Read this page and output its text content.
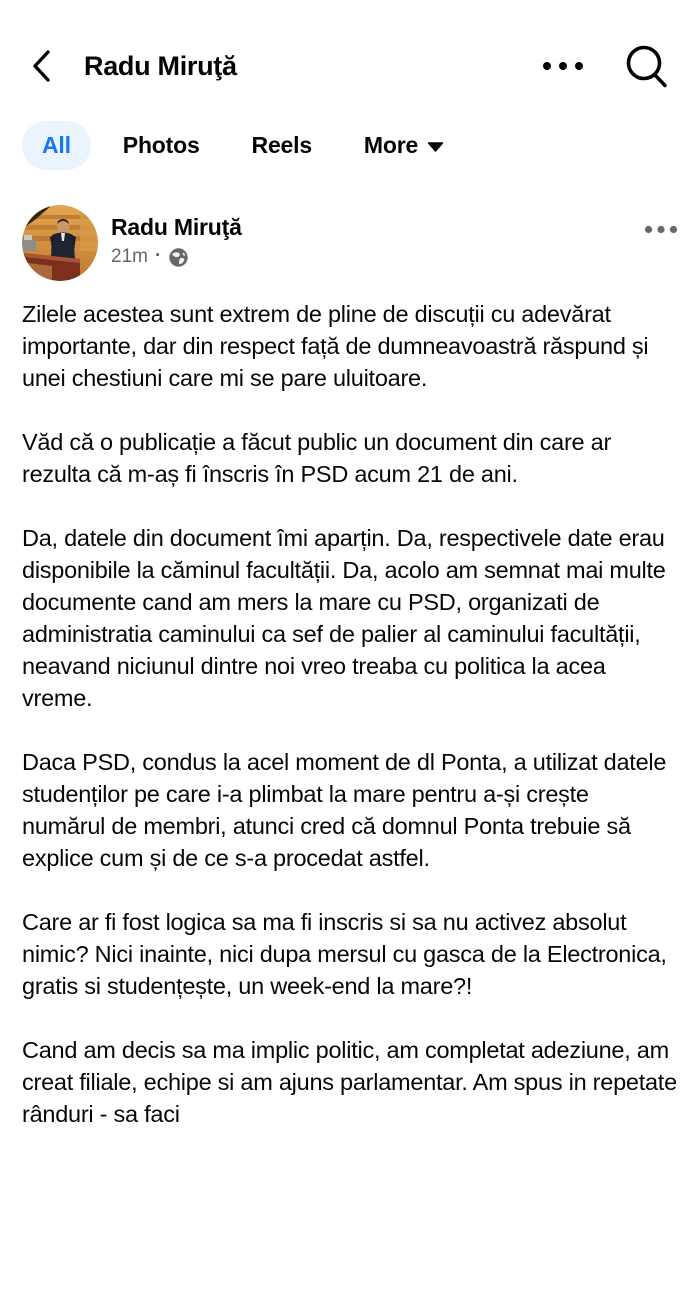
Radu Miruţă
All Photos Reels More
Radu Miruţă
21m ·

Zilele acestea sunt extrem de pline de discuții cu adevărat importante, dar din respect față de dumneavoastră răspund și unei chestiuni care mi se pare uluitoare.

Văd că o publicație a făcut public un document din care ar rezulta că m-aș fi înscris în PSD acum 21 de ani.

Da, datele din document îmi aparțin. Da, respectivele date erau disponibile la căminul facultății. Da, acolo am semnat mai multe documente cand am mers la mare cu PSD, organizati de administratia caminului ca sef de palier al caminului facultății, neavand niciunul dintre noi vreo treaba cu politica la acea vreme.

Daca PSD, condus la acel moment de dl Ponta, a utilizat datele studenților pe care i-a plimbat la mare pentru a-și crește numărul de membri, atunci cred că domnul Ponta trebuie să explice cum și de ce s-a procedat astfel.

Care ar fi fost logica sa ma fi inscris si sa nu activez absolut nimic? Nici inainte, nici dupa mersul cu gasca de la Electronica, gratis si studențește, un week-end la mare?!

Cand am decis sa ma implic politic, am completat adeziune, am creat filiale, echipe si am ajuns parlamentar. Am spus in repetate rânduri - sa faci
